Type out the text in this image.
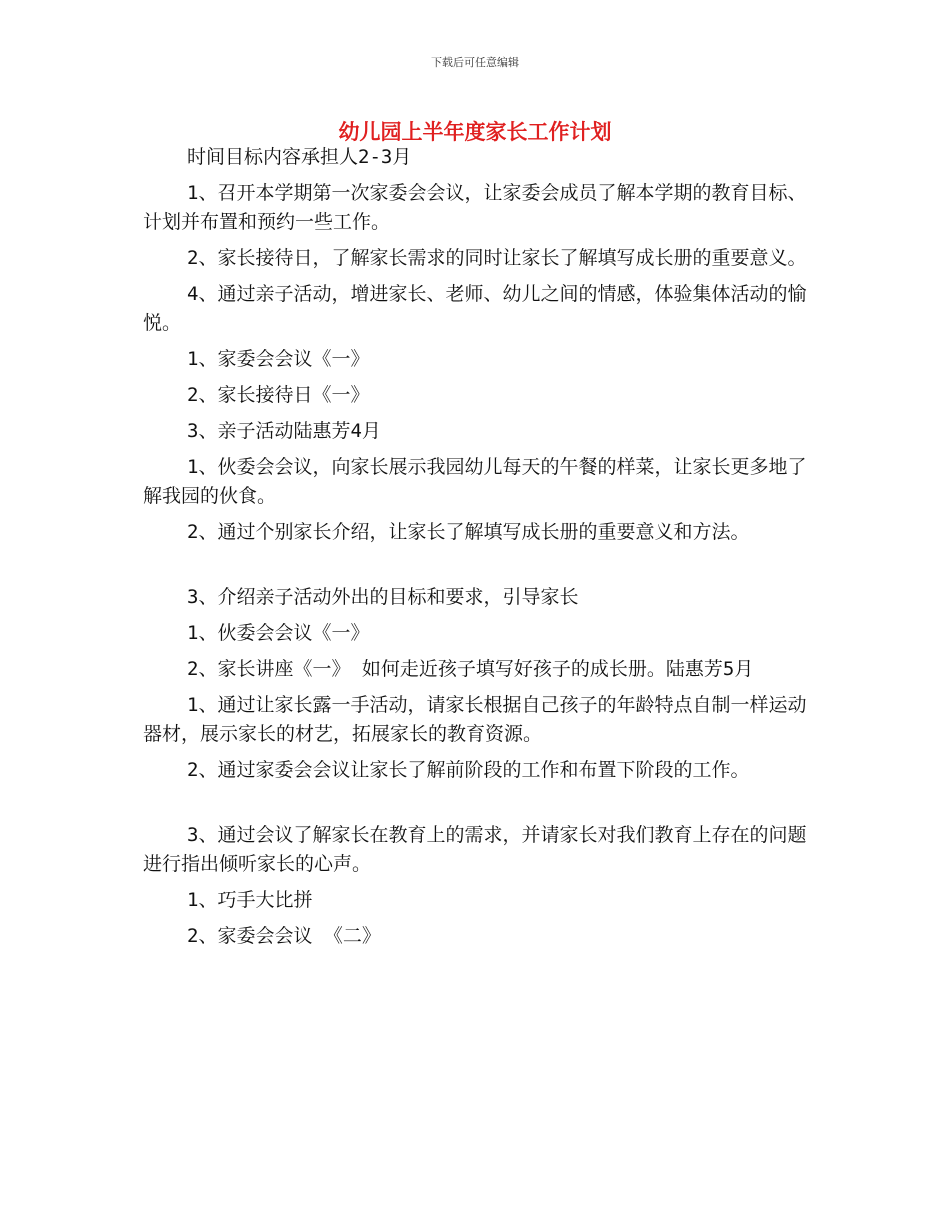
下载后可任意编辑
幼儿园上半年度家长工作计划

时间目标内容承担人2-3月

1、召开本学期第一次家委会会议，让家委会成员了解本学期的教育目标、计划并布置和预约一些工作。

2、家长接待日，了解家长需求的同时让家长了解填写成长册的重要意义。

4、通过亲子活动，增进家长、老师、幼儿之间的情感，体验集体活动的愉悦。

1、家委会会议《一》

2、家长接待日《一》

3、亲子活动陆惠芳4月

1、伙委会会议，向家长展示我园幼儿每天的午餐的样菜，让家长更多地了解我园的伙食。

2、通过个别家长介绍，让家长了解填写成长册的重要意义和方法。

3、介绍亲子活动外出的目标和要求，引导家长

1、伙委会会议《一》

2、家长讲座《一》 如何走近孩子填写好孩子的成长册。陆惠芳5月

1、通过让家长露一手活动，请家长根据自己孩子的年龄特点自制一样运动器材，展示家长的材艺，拓展家长的教育资源。

2、通过家委会会议让家长了解前阶段的工作和布置下阶段的工作。

3、通过会议了解家长在教育上的需求，并请家长对我们教育上存在的问题进行指出倾听家长的心声。

1、巧手大比拼

2、家委会会议 《二》
